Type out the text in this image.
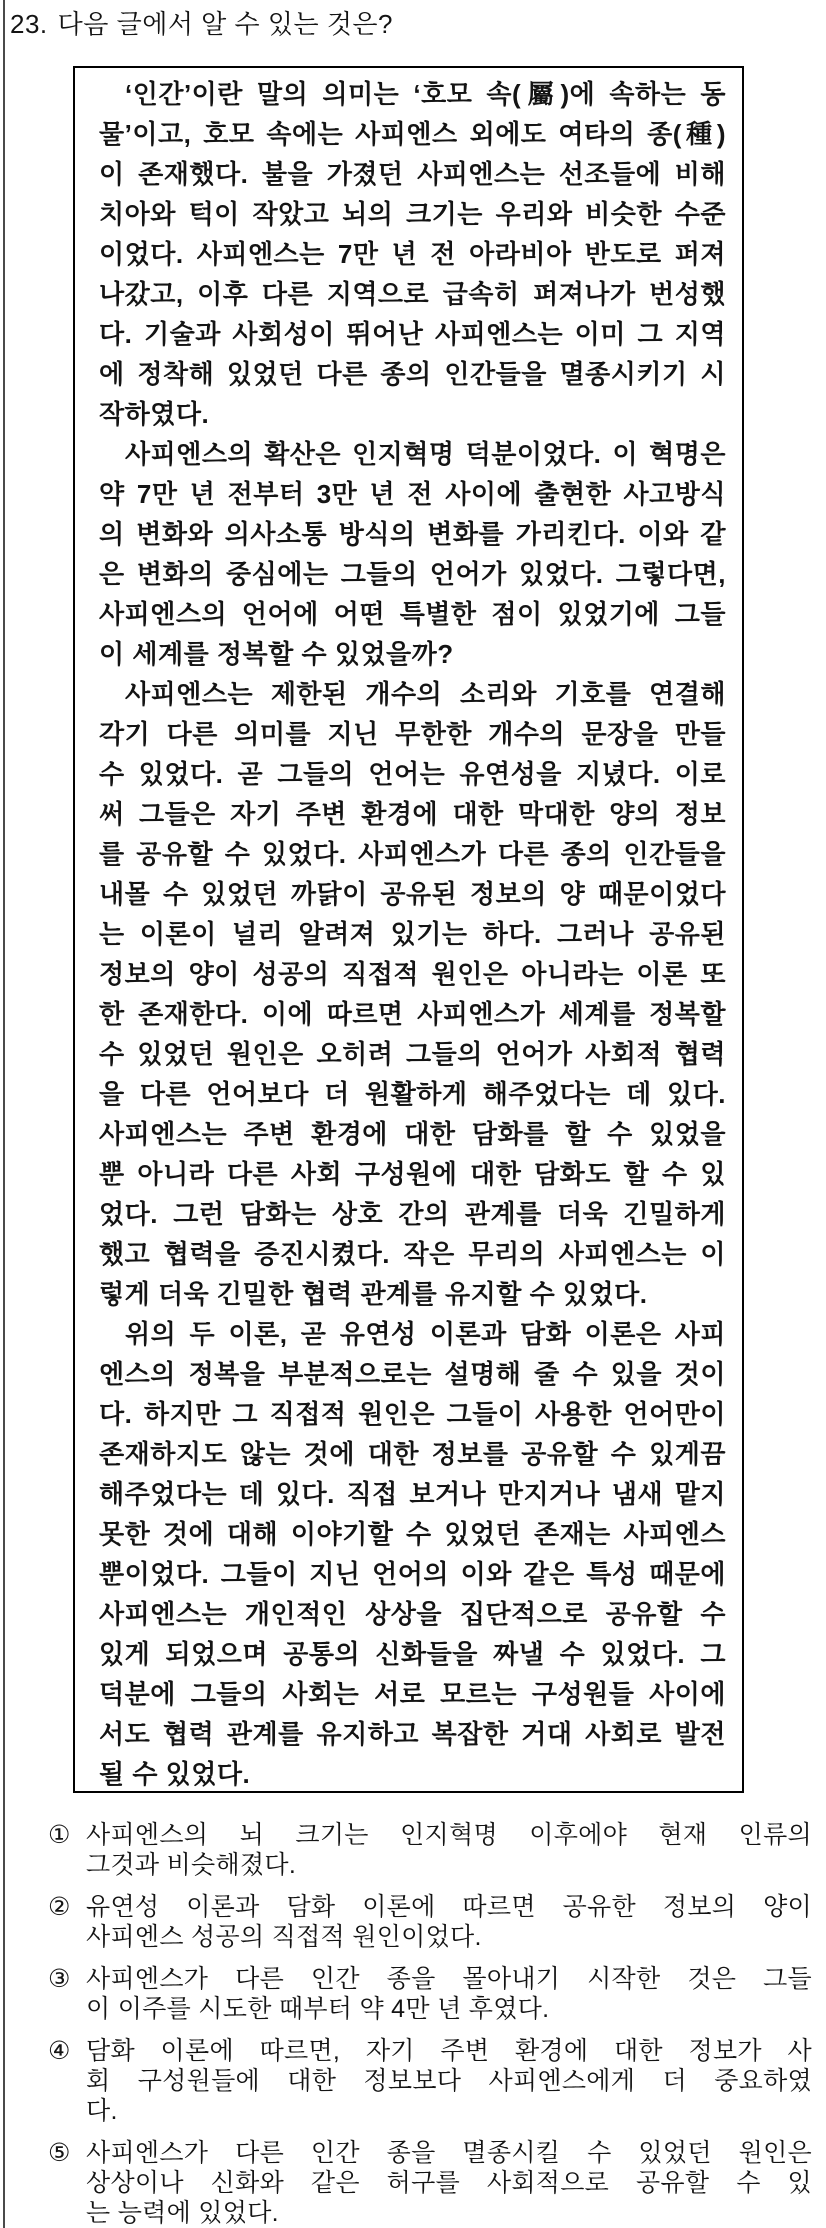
23. 다음 글에서 알 수 있는 것은?
‘인간’이란 말의 의미는 ‘호모 속(屬)에 속하는 동
물’이고, 호모 속에는 사피엔스 외에도 여타의 종(種)
이 존재했다. 불을 가졌던 사피엔스는 선조들에 비해
치아와 턱이 작았고 뇌의 크기는 우리와 비슷한 수준
이었다. 사피엔스는 7만 년 전 아라비아 반도로 퍼져
나갔고, 이후 다른 지역으로 급속히 퍼져나가 번성했
다. 기술과 사회성이 뛰어난 사피엔스는 이미 그 지역
에 정착해 있었던 다른 종의 인간들을 멸종시키기 시
작하였다.
사피엔스의 확산은 인지혁명 덕분이었다. 이 혁명은
약 7만 년 전부터 3만 년 전 사이에 출현한 사고방식
의 변화와 의사소통 방식의 변화를 가리킨다. 이와 같
은 변화의 중심에는 그들의 언어가 있었다. 그렇다면,
사피엔스의 언어에 어떤 특별한 점이 있었기에 그들
이 세계를 정복할 수 있었을까?
사피엔스는 제한된 개수의 소리와 기호를 연결해
각기 다른 의미를 지닌 무한한 개수의 문장을 만들
수 있었다. 곧 그들의 언어는 유연성을 지녔다. 이로
써 그들은 자기 주변 환경에 대한 막대한 양의 정보
를 공유할 수 있었다. 사피엔스가 다른 종의 인간들을
내몰 수 있었던 까닭이 공유된 정보의 양 때문이었다
는 이론이 널리 알려져 있기는 하다. 그러나 공유된
정보의 양이 성공의 직접적 원인은 아니라는 이론 또
한 존재한다. 이에 따르면 사피엔스가 세계를 정복할
수 있었던 원인은 오히려 그들의 언어가 사회적 협력
을 다른 언어보다 더 원활하게 해주었다는 데 있다.
사피엔스는 주변 환경에 대한 담화를 할 수 있었을
뿐 아니라 다른 사회 구성원에 대한 담화도 할 수 있
었다. 그런 담화는 상호 간의 관계를 더욱 긴밀하게
했고 협력을 증진시켰다. 작은 무리의 사피엔스는 이
렇게 더욱 긴밀한 협력 관계를 유지할 수 있었다.
위의 두 이론, 곧 유연성 이론과 담화 이론은 사피
엔스의 정복을 부분적으로는 설명해 줄 수 있을 것이
다. 하지만 그 직접적 원인은 그들이 사용한 언어만이
존재하지도 않는 것에 대한 정보를 공유할 수 있게끔
해주었다는 데 있다. 직접 보거나 만지거나 냄새 맡지
못한 것에 대해 이야기할 수 있었던 존재는 사피엔스
뿐이었다. 그들이 지닌 언어의 이와 같은 특성 때문에
사피엔스는 개인적인 상상을 집단적으로 공유할 수
있게 되었으며 공통의 신화들을 짜낼 수 있었다. 그
덕분에 그들의 사회는 서로 모르는 구성원들 사이에
서도 협력 관계를 유지하고 복잡한 거대 사회로 발전
될 수 있었다.
① 사피엔스의 뇌 크기는 인지혁명 이후에야 현재 인류의
그것과 비슷해졌다.
② 유연성 이론과 담화 이론에 따르면 공유한 정보의 양이
사피엔스 성공의 직접적 원인이었다.
③ 사피엔스가 다른 인간 종을 몰아내기 시작한 것은 그들
이 이주를 시도한 때부터 약 4만 년 후였다.
④ 담화 이론에 따르면, 자기 주변 환경에 대한 정보가 사
회 구성원들에 대한 정보보다 사피엔스에게 더 중요하였
다.
⑤ 사피엔스가 다른 인간 종을 멸종시킬 수 있었던 원인은
상상이나 신화와 같은 허구를 사회적으로 공유할 수 있
는 능력에 있었다.
